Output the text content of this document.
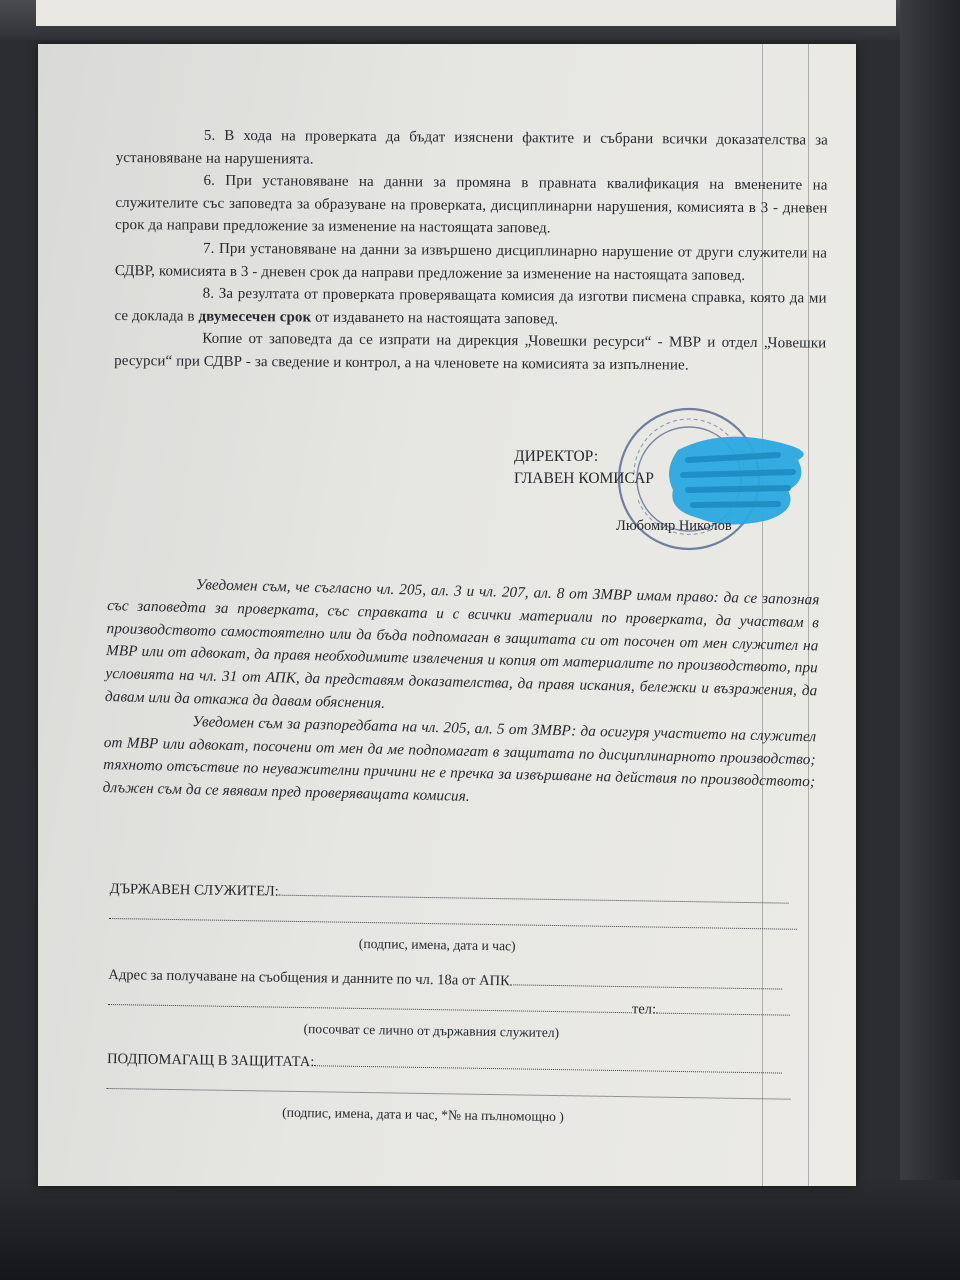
5. В хода на проверката да бъдат изяснени фактите и събрани всички доказателства за установяване на нарушенията.

6. При установяване на данни за промяна в правната квалификация на вменените на служителите със заповедта за образуване на проверката, дисциплинарни нарушения, комисията в 3 - дневен срок да направи предложение за изменение на настоящата заповед.

7. При установяване на данни за извършено дисциплинарно нарушение от други служители на СДВР, комисията в 3 - дневен срок да направи предложение за изменение на настоящата заповед.

8. За резултата от проверката проверяващата комисия да изготви писмена справка, която да ми се доклада в двумесечен срок от издаването на настоящата заповед.

Копие от заповедта да се изпрати на дирекция „Човешки ресурси“ - МВР и отдел „Човешки ресурси“ при СДВР - за сведение и контрол, а на членовете на комисията за изпълнение.

ДИРЕКТОР:
ГЛАВЕН КОМИСАР
Любомир Николов

Уведомен съм, че съгласно чл. 205, ал. 3 и чл. 207, ал. 8 от ЗМВР имам право: да се запозная със заповедта за проверката, със справката и с всички материали по проверката, да участвам в производството самостоятелно или да бъда подпомаган в защитата си от посочен от мен служител на МВР или от адвокат, да правя необходимите извлечения и копия от материалите по производството, при условията на чл. 31 от АПК, да представям доказателства, да правя искания, бележки и възражения, да давам или да откажа да давам обяснения.

Уведомен съм за разпоредбата на чл. 205, ал. 5 от ЗМВР: да осигуря участието на служител от МВР или адвокат, посочени от мен да ме подпомагат в защитата по дисциплинарното производство; тяхното отсъствие по неуважителни причини не е пречка за извършване на действия по производството; длъжен съм да се явявам пред проверяващата комисия.

ДЪРЖАВЕН СЛУЖИТЕЛ:
(подпис, имена, дата и час)
Адрес за получаване на съобщения и данните по чл. 18а от АПК
тел:
(посочват се лично от държавния служител)
ПОДПОМАГАЩ В ЗАЩИТАТА:
(подпис, имена, дата и час, *№ на пълномощно )
